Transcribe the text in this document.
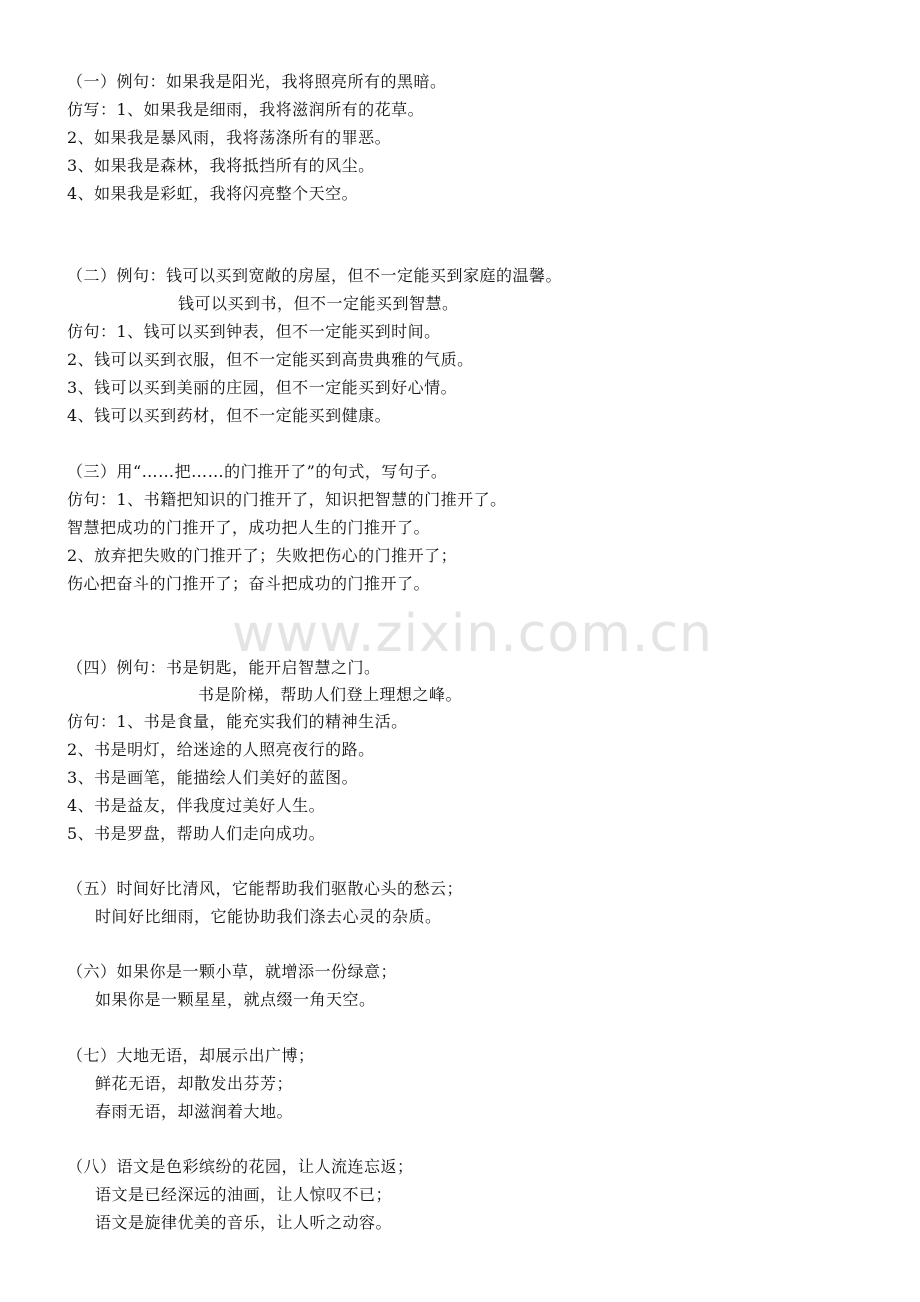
（一）例句：如果我是阳光，我将照亮所有的黑暗。
仿写：1、如果我是细雨，我将滋润所有的花草。
2、如果我是暴风雨，我将荡涤所有的罪恶。
3、如果我是森林，我将抵挡所有的风尘。
4、如果我是彩虹，我将闪亮整个天空。
（二）例句：钱可以买到宽敞的房屋，但不一定能买到家庭的温馨。
钱可以买到书，但不一定能买到智慧。
仿句：1、钱可以买到钟表，但不一定能买到时间。
2、钱可以买到衣服，但不一定能买到高贵典雅的气质。
3、钱可以买到美丽的庄园，但不一定能买到好心情。
4、钱可以买到药材，但不一定能买到健康。
（三）用“……把……的门推开了”的句式，写句子。
仿句：1、书籍把知识的门推开了，知识把智慧的门推开了。
智慧把成功的门推开了，成功把人生的门推开了。
2、放弃把失败的门推开了；失败把伤心的门推开了；
伤心把奋斗的门推开了；奋斗把成功的门推开了。
www.zixin.com.cn
（四）例句：书是钥匙，能开启智慧之门。
书是阶梯，帮助人们登上理想之峰。
仿句：1、书是食量，能充实我们的精神生活。
2、书是明灯，给迷途的人照亮夜行的路。
3、书是画笔，能描绘人们美好的蓝图。
4、书是益友，伴我度过美好人生。
5、书是罗盘，帮助人们走向成功。
（五）时间好比清风，它能帮助我们驱散心头的愁云；
时间好比细雨，它能协助我们涤去心灵的杂质。
（六）如果你是一颗小草，就增添一份绿意；
如果你是一颗星星，就点缀一角天空。
（七）大地无语，却展示出广博；
鲜花无语，却散发出芬芳；
春雨无语，却滋润着大地。
（八）语文是色彩缤纷的花园，让人流连忘返；
语文是已经深远的油画，让人惊叹不已；
语文是旋律优美的音乐，让人听之动容。
